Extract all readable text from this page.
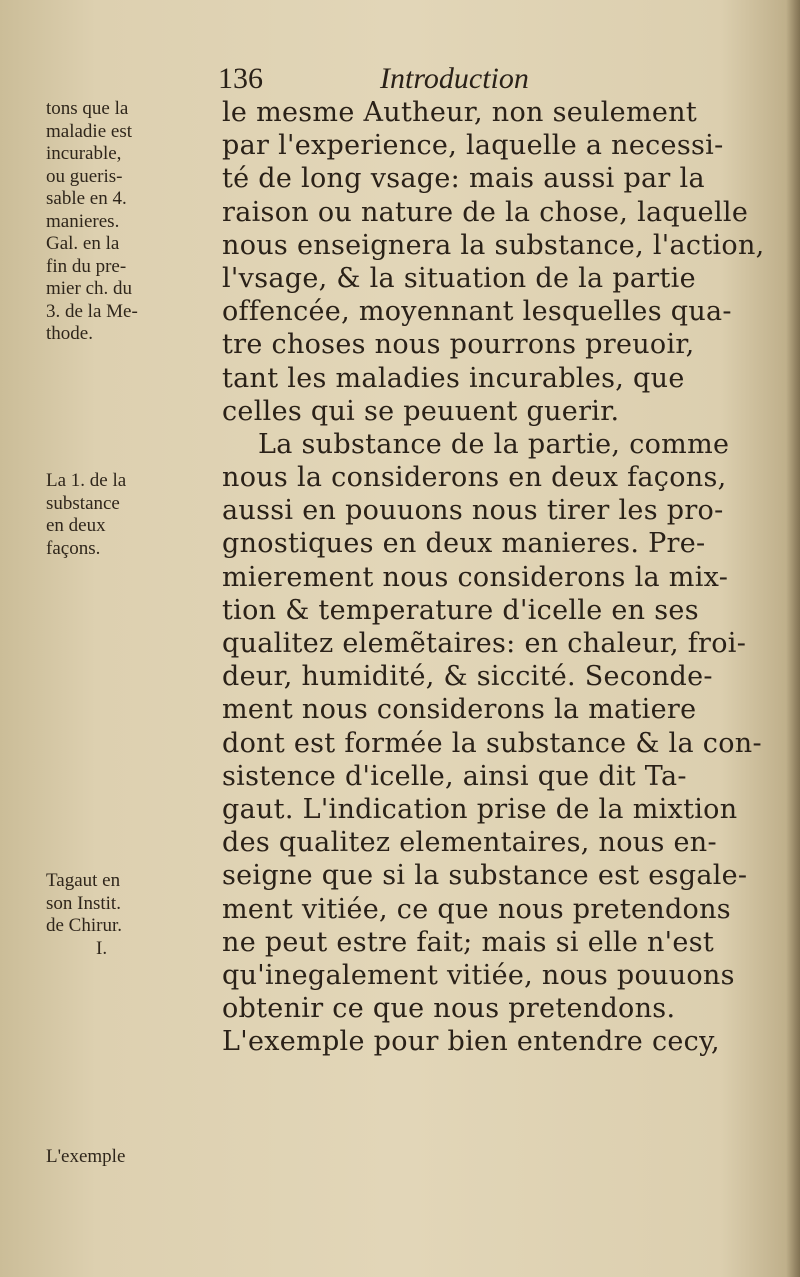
136	Introduction
tons que la
maladie est
incurable,
ou gueris-
sable en 4.
manieres.
Gal. en la
fin du pre-
mier ch. du
3. de la Me-
thode.
La 1. de la
substance
en deux
façons.
Tagaut en
son Instit.
de Chirur.
I.
L'exemple
le mesme Autheur, non seulement
par l'experience, laquelle a necessi-
té de long vsage: mais aussi par la
raison ou nature de la chose, laquelle
nous enseignera la substance, l'action,
l'vsage, & la situation de la partie
offencée, moyennant lesquelles qua-
tre choses nous pourrons preuoir,
tant les maladies incurables, que
celles qui se peuuent guerir.
La substance de la partie, comme
nous la considerons en deux façons,
aussi en pouuons nous tirer les pro-
gnostiques en deux manieres. Pre-
mierement nous considerons la mix-
tion & temperature d'icelle en ses
qualitez elemẽtaires: en chaleur, froi-
deur, humidité, & siccité. Seconde-
ment nous considerons la matiere
dont est formée la substance & la con-
sistence d'icelle, ainsi que dit Ta-
gaut. L'indication prise de la mixtion
des qualitez elementaires, nous en-
seigne que si la substance est esgale-
ment vitiée, ce que nous pretendons
ne peut estre fait; mais si elle n'est
qu'inegalement vitiée, nous pouuons
obtenir ce que nous pretendons.
L'exemple pour bien entendre cecy,
